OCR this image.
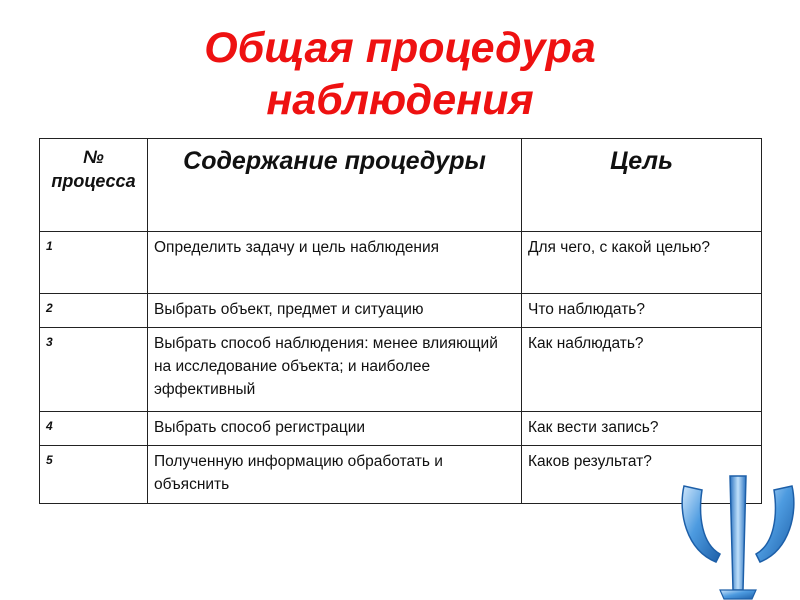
Общая процедура
наблюдения
№ процесса	Содержание процедуры	Цель
1	Определить задачу и цель наблюдения	Для чего, с какой целью?
2	Выбрать объект, предмет и ситуацию	Что наблюдать?
3	Выбрать способ наблюдения: менее влияющий на исследование объекта; и наиболее эффективный	Как наблюдать?
4	Выбрать способ регистрации	Как вести запись?
5	Полученную информацию обработать и объяснить	Каков результат?
